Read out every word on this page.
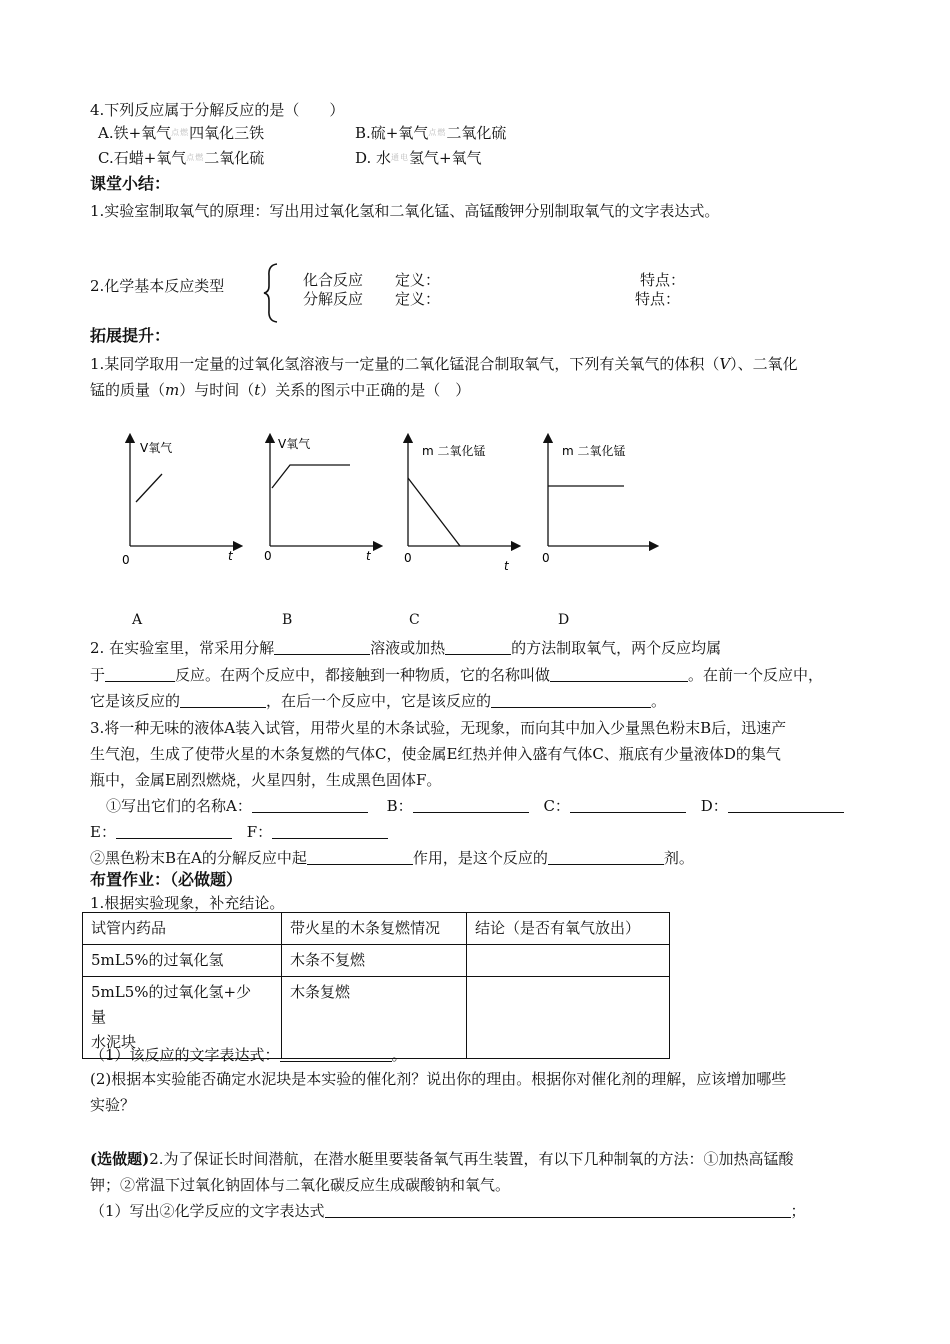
4.下列反应属于分解反应的是（　　）
A.铁+氧气$^{点燃}$四氧化三铁	B.硫+氧气$^{点燃}$二氧化硫
C.石蜡+氧气$^{点燃}$二氧化硫	D. 水$^{通电}$氢气+氧气
课堂小结：
1.实验室制取氧气的原理：写出用过氧化氢和二氧化锰、高锰酸钾分别制取氧气的文字表达式。
2.化学基本反应类型	化合反应 定义：	特点：
分解反应 定义：	特点：
拓展提升：
1.某同学取用一定量的过氧化氢溶液与一定量的二氧化锰混合制取氧气，下列有关氧气的体积（V）、二氧化
锰的质量（m）与时间（t）关系的图示中正确的是（　）
V氧气
0	t
V氧气
0	t
m 二氧化锰
0
t
m 二氧化锰
0
A	B	C	D
2. 在实验室里，常采用分解	溶液或加热	的方法制取氧气，两个反应均属
于	反应。在两个反应中，都接触到一种物质，它的名称叫做	。在前一个反应中，
它是该反应的	，在后一个反应中，它是该反应的	。
3.将一种无味的液体A装入试管，用带火星的木条试验，无现象，而向其中加入少量黑色粉末B后，迅速产
生气泡，生成了使带火星的木条复燃的气体C，使金属E红热并伸入盛有气体C、瓶底有少量液体D的集气
瓶中，金属E剧烈燃烧，火星四射，生成黑色固体F。
①写出它们的名称A：	B：	C：	D：
E：	F：
②黑色粉末B在A的分解反应中起	作用，是这个反应的	剂。
布置作业：（必做题）
1.根据实验现象，补充结论。
试管内药品	带火星的木条复燃情况	结论（是否有氧气放出）
5mL5%的过氧化氢	木条不复燃	

5mL5%的过氧化氢+少
量
水泥块	木条复燃	
（1）该反应的文字表达式：	。
(2)根据本实验能否确定水泥块是本实验的催化剂？说出你的理由。根据你对催化剂的理解，应该增加哪些
实验？
(选做题)2.为了保证长时间潜航，在潜水艇里要装备氧气再生装置，有以下几种制氧的方法：①加热高锰酸
钾；②常温下过氧化钠固体与二氧化碳反应生成碳酸钠和氧气。
（1）写出②化学反应的文字表达式	；
